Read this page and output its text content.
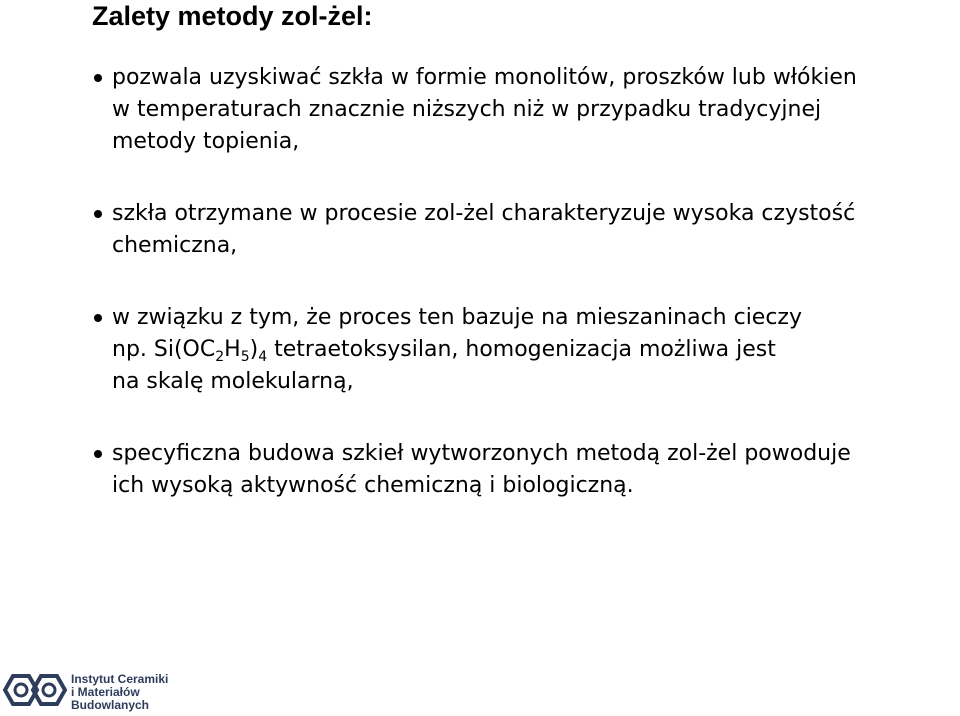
Zalety metody zol-żel:
pozwala uzyskiwać szkła w formie monolitów, proszków lub włókien
w temperaturach znacznie niższych niż w przypadku tradycyjnej
metody topienia,
szkła otrzymane w procesie zol-żel charakteryzuje wysoka czystość
chemiczna,
w związku z tym, że proces ten bazuje na mieszaninach cieczy
np. $Si(OC_2H_5)_4$ tetraetoksysilan, homogenizacja możliwa jest
na skalę molekularną,
specyficzna budowa szkieł wytworzonych metodą zol-żel powoduje
ich wysoką aktywność chemiczną i biologiczną.
Instytut Ceramiki
i Materiałów
Budowlanych
